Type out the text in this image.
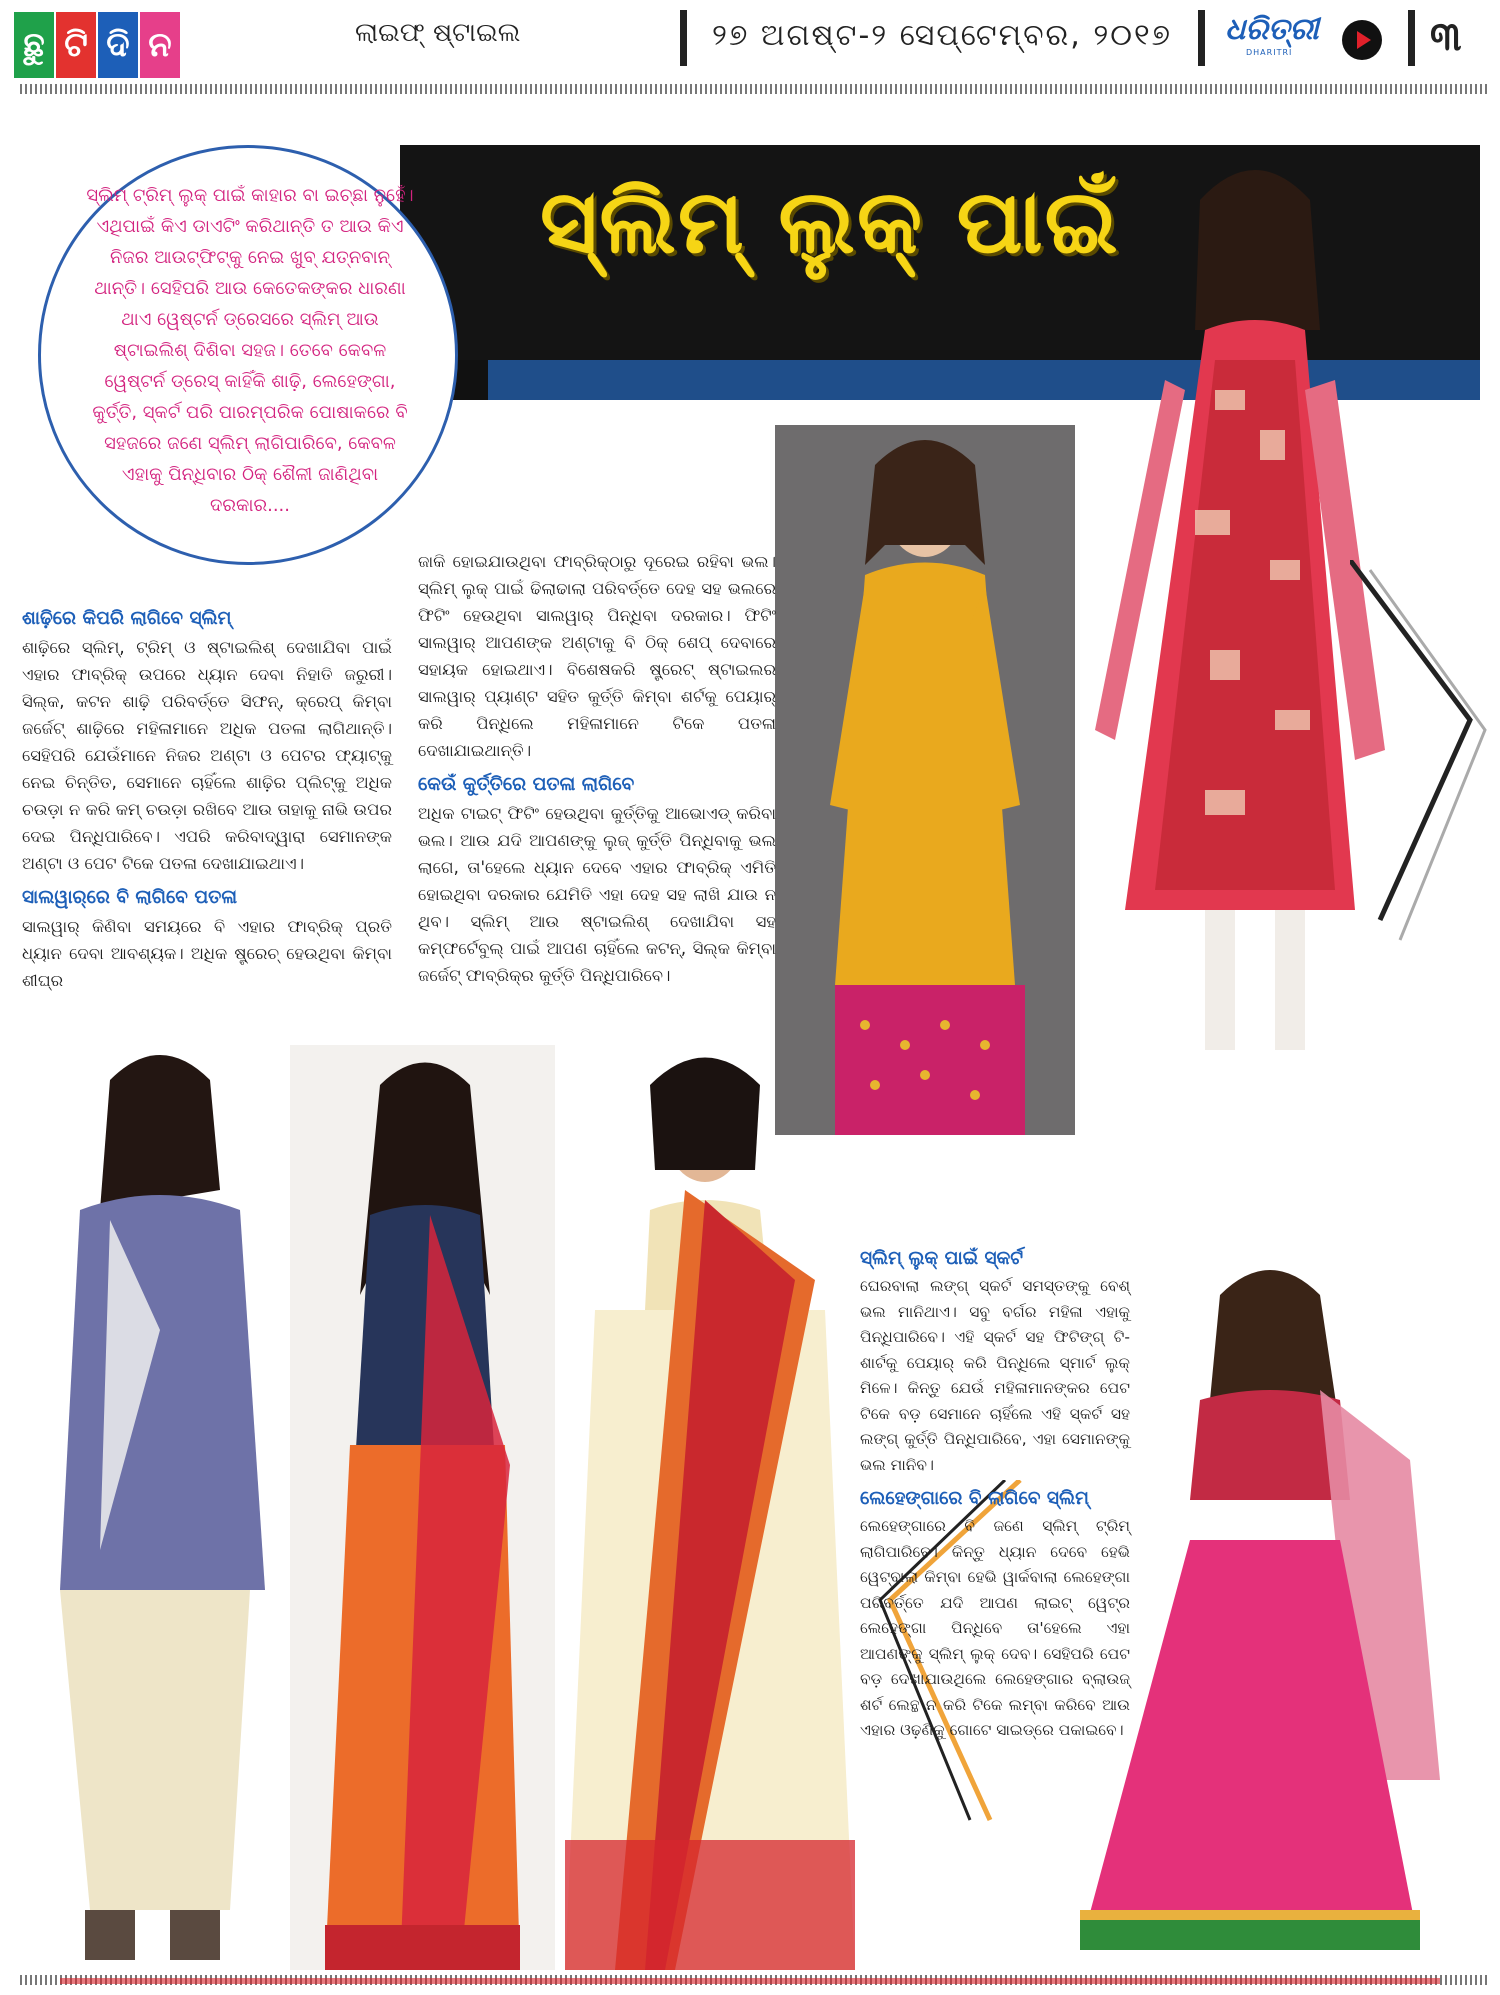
ଛୁ ଟି ଦି ନ	ଲାଇଫ୍ ଷ୍ଟାଇଲ	୨୭ ଅଗଷ୍ଟ-୨ ସେପ୍ଟେମ୍ବର, ୨୦୧୭ ଧରିତ୍ରୀ
DHARITRI	୩
ସ୍ଲିମ୍ ଲୁକ୍ ପାଇଁ
ସ୍ଲିମ୍ ଟ୍ରିମ୍ ଲୁକ୍ ପାଇଁ କାହାର ବା ଇଚ୍ଛା ନୁହେଁ। ଏଥିପାଇଁ କିଏ ଡାଏଟିଂ କରିଥାନ୍ତି ତ ଆଉ କିଏ ନିଜର ଆଉଟ୍‌ଫିଟ୍‌କୁ ନେଇ ଖୁବ୍ ଯତ୍ନବାନ୍ ଥାନ୍ତି। ସେହିପରି ଆଉ କେତେକଙ୍କର ଧାରଣା ଥାଏ ୱେଷ୍ଟର୍ନ ଡ୍ରେସରେ ସ୍ଲିମ୍ ଆଉ ଷ୍ଟାଇଲିଶ୍ ଦିଶିବା ସହଜ। ତେବେ କେବଳ ୱେଷ୍ଟର୍ନ ଡ୍ରେସ୍ କାହିଁକି ଶାଢ଼ି, ଲେହେଙ୍ଗା, କୁର୍ତ୍ତି, ସ୍କର୍ଟ ପରି ପାରମ୍ପରିକ ପୋଷାକରେ ବି ସହଜରେ ଜଣେ ସ୍ଲିମ୍ ଲାଗିପାରିବେ, କେବଳ ଏହାକୁ ପିନ୍ଧିବାର ଠିକ୍ ଶୈଳୀ ଜାଣିଥିବା ଦରକାର....
ଶାଢ଼ିରେ କିପରି ଲାଗିବେ ସ୍ଲିମ୍

ଶାଢ଼ିରେ ସ୍ଲିମ୍, ଟ୍ରିମ୍ ଓ ଷ୍ଟାଇଲିଶ୍ ଦେଖାଯିବା ପାଇଁ ଏହାର ଫାବ୍ରିକ୍ ଉପରେ ଧ୍ୟାନ ଦେବା ନିହାତି ଜରୁରୀ। ସିଲ୍କ, କଟନ ଶାଢ଼ି ପରିବର୍ତ୍ତେ ସିଫନ୍, କ୍ରେପ୍ କିମ୍ବା ଜର୍ଜେଟ୍ ଶାଢ଼ିରେ ମହିଳାମାନେ ଅଧିକ ପତଳା ଲାଗିଥାନ୍ତି। ସେହିପରି ଯେଉଁମାନେ ନିଜର ଅଣ୍ଟା ଓ ପେଟର ଫ୍ୟାଟ୍‌କୁ ନେଇ ଚିନ୍ତିତ, ସେମାନେ ଚାହିଁଲେ ଶାଢ଼ିର ପ୍ଲିଟ୍‌କୁ ଅଧିକ ଚଉଡ଼ା ନ କରି କମ୍ ଚଉଡ଼ା ରଖିବେ ଆଉ ତାହାକୁ ନାଭି ଉପର ଦେଇ ପିନ୍ଧିପାରିବେ। ଏପରି କରିବାଦ୍ୱାରା ସେମାନଙ୍କ ଅଣ୍ଟା ଓ ପେଟ ଟିକେ ପତଳା ଦେଖାଯାଇଥାଏ।

ସାଲୱାର୍‌ରେ ବି ଲାଗିବେ ପତଳା

ସାଲୱାର୍ କିଣିବା ସମୟରେ ବି ଏହାର ଫାବ୍ରିକ୍ ପ୍ରତି ଧ୍ୟାନ ଦେବା ଆବଶ୍ୟକ। ଅଧିକ ଷ୍ଟ୍ରେଚ୍ ହେଉଥିବା କିମ୍ବା ଶୀଘ୍ର

ଜାକି ହୋଇଯାଉଥିବା ଫାବ୍ରିକ୍‌ଠାରୁ ଦୂରେଇ ରହିବା ଭଲ। ସ୍ଲିମ୍ ଲୁକ୍ ପାଇଁ ଢିଲାଢାଲା ପରିବର୍ତ୍ତେ ଦେହ ସହ ଭଲରେ ଫିଟିଂ ହେଉଥିବା ସାଲୱାର୍ ପିନ୍ଧିବା ଦରକାର। ଫିଟିଂ ସାଲୱାର୍ ଆପଣଙ୍କ ଅଣ୍ଟାକୁ ବି ଠିକ୍ ଶେପ୍ ଦେବାରେ ସହାୟକ ହୋଇଥାଏ। ବିଶେଷକରି ଷ୍ଟ୍ରେଟ୍ ଷ୍ଟାଇଲର ସାଲୱାର୍ ପ୍ୟାଣ୍ଟ ସହିତ କୁର୍ତ୍ତି କିମ୍ବା ଶର୍ଟକୁ ପେୟାର୍ କରି ପିନ୍ଧିଲେ ମହିଳାମାନେ ଟିକେ ପତଳା ଦେଖାଯାଇଥାନ୍ତି।

କେଉଁ କୁର୍ତ୍ତିରେ ପତଳା ଲାଗିବେ

ଅଧିକ ଟାଇଟ୍ ଫିଟିଂ ହେଉଥିବା କୁର୍ତ୍ତିକୁ ଆଭୋଏଡ୍ କରିବା ଭଲ। ଆଉ ଯଦି ଆପଣଙ୍କୁ ଲୁଜ୍ କୁର୍ତ୍ତି ପିନ୍ଧିବାକୁ ଭଲ ଲାଗେ, ତା'ହେଲେ ଧ୍ୟାନ ଦେବେ ଏହାର ଫାବ୍ରିକ୍ ଏମିତି ହୋଇଥିବା ଦରକାର ଯେମିତି ଏହା ଦେହ ସହ ଲାଖି ଯାଉ ନ ଥିବ। ସ୍ଲିମ୍ ଆଉ ଷ୍ଟାଇଲିଶ୍ ଦେଖାଯିବା ସହ କମ୍ଫର୍ଟେବୁଲ୍ ପାଇଁ ଆପଣ ଚାହିଁଲେ କଟନ୍, ସିଲ୍କ କିମ୍ବା ଜର୍ଜେଟ୍ ଫାବ୍ରିକ୍‌ର କୁର୍ତ୍ତି ପିନ୍ଧିପାରିବେ।

ସ୍ଲିମ୍ ଲୁକ୍ ପାଇଁ ସ୍କର୍ଟ

ଘେରବାଲା ଲଙ୍ଗ୍ ସ୍କର୍ଟ ସମସ୍ତଙ୍କୁ ବେଶ୍ ଭଲ ମାନିଥାଏ। ସବୁ ବର୍ଗର ମହିଳା ଏହାକୁ ପିନ୍ଧିପାରିବେ। ଏହି ସ୍କର୍ଟ ସହ ଫିଟିଙ୍ଗ୍ ଟି-ଶାର୍ଟକୁ ପେୟାର୍ କରି ପିନ୍ଧିଲେ ସ୍ମାର୍ଟ ଲୁକ୍ ମିଳେ। କିନ୍ତୁ ଯେଉଁ ମହିଳାମାନଙ୍କର ପେଟ ଟିକେ ବଡ଼ ସେମାନେ ଚାହିଁଲେ ଏହି ସ୍କର୍ଟ ସହ ଲଙ୍ଗ୍ କୁର୍ତ୍ତି ପିନ୍ଧିପାରିବେ, ଏହା ସେମାନଙ୍କୁ ଭଲ ମାନିବ।

ଲେହେଙ୍ଗାରେ ବି ଲାଗିବେ ସ୍ଲିମ୍

ଲେହେଙ୍ଗାରେ ବି ଜଣେ ସ୍ଲିମ୍ ଟ୍ରିମ୍ ଲାଗିପାରିବେ। କିନ୍ତୁ ଧ୍ୟାନ ଦେବେ ହେଭି ୱେଟ୍‌ବାଲା କିମ୍ବା ହେଭି ୱାର୍କବାଲା ଲେହେଙ୍ଗା ପରିବର୍ତ୍ତେ ଯଦି ଆପଣ ଲାଇଟ୍ ୱେଟ୍‌ର ଲେହେଙ୍ଗା ପିନ୍ଧିବେ ତା'ହେଲେ ଏହା ଆପଣଙ୍କୁ ସ୍ଲିମ୍ ଲୁକ୍ ଦେବ। ସେହିପରି ପେଟ ବଡ଼ ଦେଖାଯାଉଥିଲେ ଲେହେଙ୍ଗାର ବ୍ଲାଉଜ୍ ଶର୍ଟ ଲେନ୍ଥ ନ କରି ଟିକେ ଲମ୍ବା କରିବେ ଆଉ ଏହାର ଓଢ଼ଣିକୁ ଗୋଟେ ସାଇଡ୍‌ରେ ପକାଇବେ।
